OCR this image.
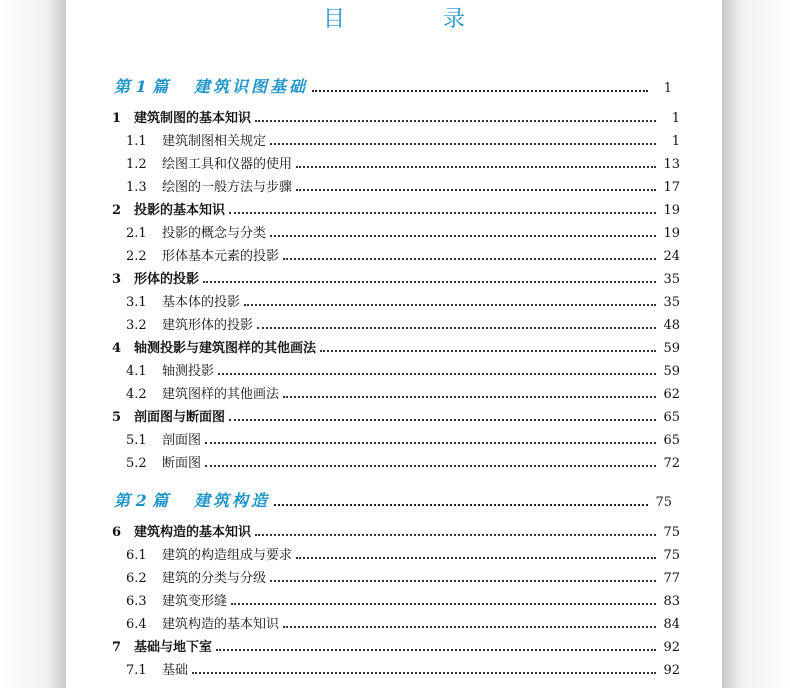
目　录
第 1 篇	建筑识图基础	1
1 建筑制图的基本知识	1
1.1	建筑制图相关规定	1
1.2	绘图工具和仪器的使用	13
1.3	绘图的一般方法与步骤	17
2 投影的基本知识	19
2.1	投影的概念与分类	19
2.2	形体基本元素的投影	24
3 形体的投影	35
3.1	基本体的投影	35
3.2	建筑形体的投影	48
4 轴测投影与建筑图样的其他画法	59
4.1	轴测投影	59
4.2	建筑图样的其他画法	62
5 剖面图与断面图	65
5.1	剖面图	65
5.2	断面图	72
第 2 篇	建筑构造	75
6 建筑构造的基本知识	75
6.1	建筑的构造组成与要求	75
6.2	建筑的分类与分级	77
6.3	建筑变形缝	83
6.4	建筑构造的基本知识	84
7 基础与地下室	92
7.1	基础	92
